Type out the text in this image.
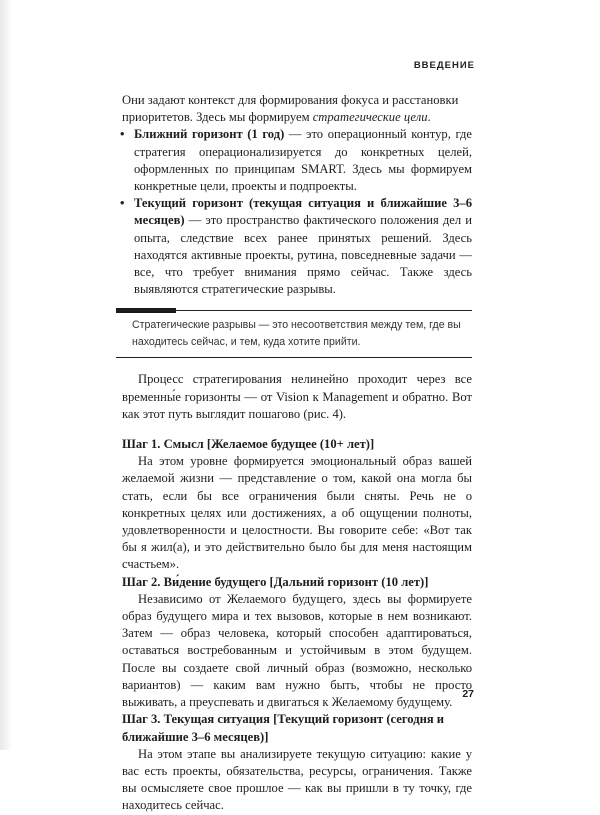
ВВЕДЕНИЕ

Они задают контекст для формирования фокуса и расстановки приоритетов. Здесь мы формируем стратегические цели.

• Ближний горизонт (1 год) — это операционный контур, где стратегия операционализируется до конкретных целей, оформленных по принципам SMART. Здесь мы формируем конкретные цели, проекты и подпроекты.
• Текущий горизонт (текущая ситуация и ближайшие 3–6 месяцев) — это пространство фактического положения дел и опыта, следствие всех ранее принятых решений. Здесь находятся активные проекты, рутина, повседневные задачи — все, что требует внимания прямо сейчас. Также здесь выявляются стратегические разрывы.
Стратегические разрывы — это несоответствия между тем, где вы находитесь сейчас, и тем, куда хотите прийти.

Процесс стратегирования нелинейно проходит через все временны́е горизонты — от Vision к Management и обратно. Вот как этот путь выглядит пошагово (рис. 4).

Шаг 1. Смысл [Желаемое будущее (10+ лет)]

На этом уровне формируется эмоциональный образ вашей желаемой жизни — представление о том, какой она могла бы стать, если бы все ограничения были сняты. Речь не о конкретных целях или достижениях, а об ощущении полноты, удовлетворенности и целостности. Вы говорите себе: «Вот так бы я жил(а), и это действительно было бы для меня настоящим счастьем».

Шаг 2. Ви́дение будущего [Дальний горизонт (10 лет)]

Независимо от Желаемого будущего, здесь вы формируете образ будущего мира и тех вызовов, которые в нем возникают. Затем — образ человека, который способен адаптироваться, оставаться востребованным и устойчивым в этом будущем. После вы создаете свой личный образ (возможно, несколько вариантов) — каким вам нужно быть, чтобы не просто выживать, а преуспевать и двигаться к Желаемому будущему.

Шаг 3. Текущая ситуация [Текущий горизонт (сегодня и ближайшие 3–6 месяцев)]

На этом этапе вы анализируете текущую ситуацию: какие у вас есть проекты, обязательства, ресурсы, ограничения. Также вы осмысляете свое прошлое — как вы пришли в ту точку, где находитесь сейчас.

27
